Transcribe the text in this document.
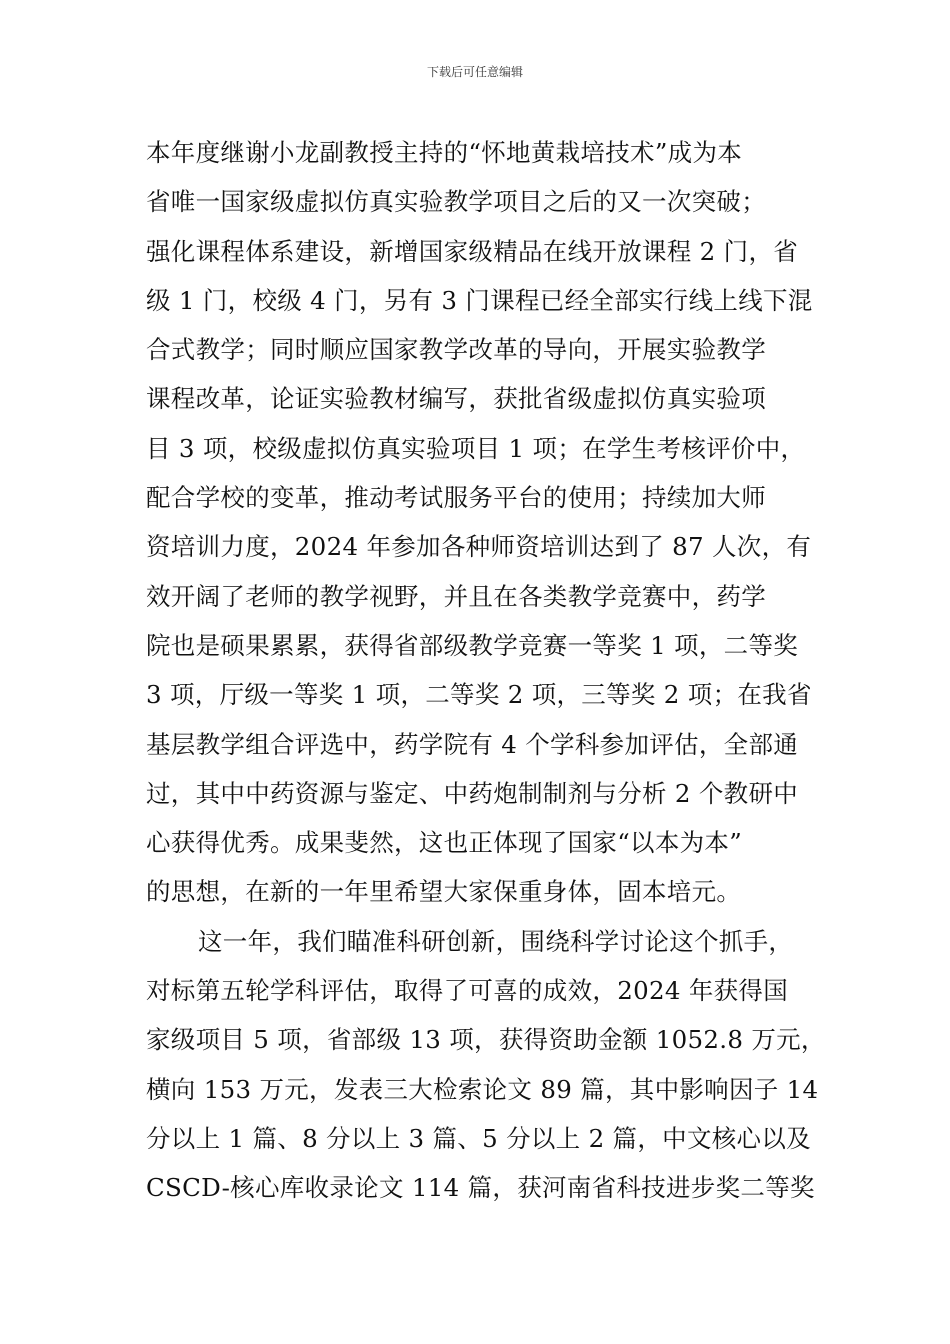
下载后可任意编辑
本年度继谢小龙副教授主持的“怀地黄栽培技术”成为本
省唯一国家级虚拟仿真实验教学项目之后的又一次突破；
强化课程体系建设，新增国家级精品在线开放课程 2 门，省
级 1 门，校级 4 门，另有 3 门课程已经全部实行线上线下混
合式教学；同时顺应国家教学改革的导向，开展实验教学
课程改革，论证实验教材编写，获批省级虚拟仿真实验项
目 3 项，校级虚拟仿真实验项目 1 项；在学生考核评价中，
配合学校的变革，推动考试服务平台的使用；持续加大师
资培训力度，2024 年参加各种师资培训达到了 87 人次，有
效开阔了老师的教学视野，并且在各类教学竞赛中，药学
院也是硕果累累，获得省部级教学竞赛一等奖 1 项，二等奖
3 项，厅级一等奖 1 项，二等奖 2 项，三等奖 2 项；在我省
基层教学组合评选中，药学院有 4 个学科参加评估，全部通
过，其中中药资源与鉴定、中药炮制制剂与分析 2 个教研中
心获得优秀。成果斐然，这也正体现了国家“以本为本”
的思想，在新的一年里希望大家保重身体，固本培元。
这一年，我们瞄准科研创新，围绕科学讨论这个抓手，
对标第五轮学科评估，取得了可喜的成效，2024 年获得国
家级项目 5 项，省部级 13 项，获得资助金额 1052.8 万元，
横向 153 万元，发表三大检索论文 89 篇，其中影响因子 14
分以上 1 篇、8 分以上 3 篇、5 分以上 2 篇，中文核心以及
CSCD-核心库收录论文 114 篇，获河南省科技进步奖二等奖
